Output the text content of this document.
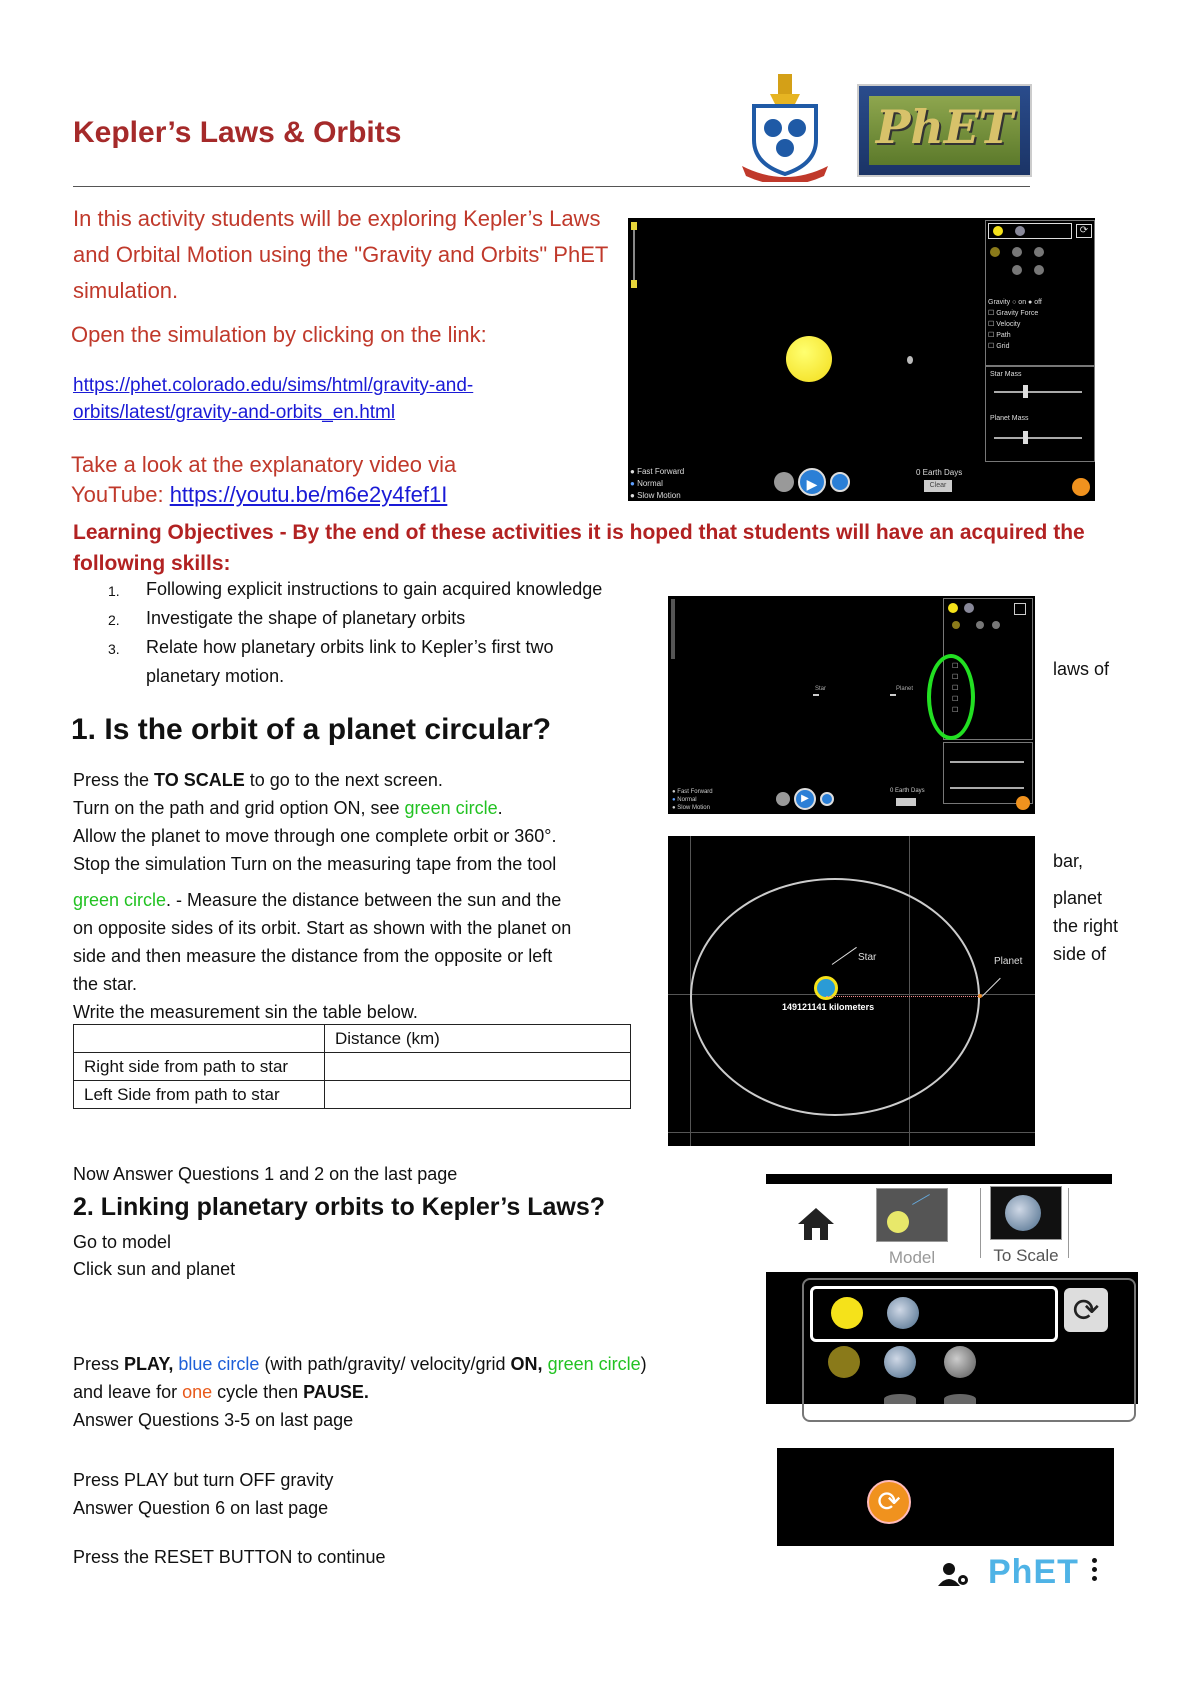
Kepler’s Laws & Orbits	PhET
In this activity students will be exploring Kepler’s Laws and Orbital Motion using the "Gravity and Orbits" PhET simulation.
Open the simulation by clicking on the link:
https://phet.colorado.edu/sims/html/gravity-and-
orbits/latest/gravity-and-orbits_en.html
Take a look at the explanatory video via
YouTube: https://youtu.be/m6e2y4fef1I
⟳
Gravity ○ on ● off
☐ Gravity Force
☐ Velocity
☐ Path
☐ Grid
Star Mass
Planet Mass
● Fast Forward
● Normal
● Slow Motion
▶
0 Earth Days
Clear
Learning Objectives - By the end of these activities it is hoped that students will have an acquired the following skills:
1.	Following explicit instructions to gain acquired knowledge
2.	Investigate the shape of planetary orbits
3.	Relate how planetary orbits link to Kepler’s first two
planetary motion.	laws of
Star	Planet
☐
☐
☐
☐
☐
● Fast Forward
● Normal
● Slow Motion
▶
0 Earth Days
1. Is the orbit of a planet circular?
Press the TO SCALE to go to the next screen.
Turn on the path and grid option ON, see green circle.
Allow the planet to move through one complete orbit or 360°.
Stop the simulation Turn on the measuring tape from the tool
green circle. - Measure the distance between the sun and the
on opposite sides of its orbit. Start as shown with the planet on
side and then measure the distance from the opposite or left
the star.
Write the measurement sin the table below.
bar,
planet
the right
side of
	Distance (km)
Right side from path to star	
Left Side from path to star	
Star	Planet
149121141 kilometers
Now Answer Questions 1 and 2 on the last page
2. Linking planetary orbits to Kepler’s Laws?
Go to model
Click sun and planet
Press PLAY, blue circle (with path/gravity/ velocity/grid ON, green circle)
and leave for one cycle then PAUSE.
Answer Questions 3-5 on last page
Press PLAY but turn OFF gravity
Answer Question 6 on last page
Press the RESET BUTTON to continue
Model	To Scale
⟳
⟳
PhET
